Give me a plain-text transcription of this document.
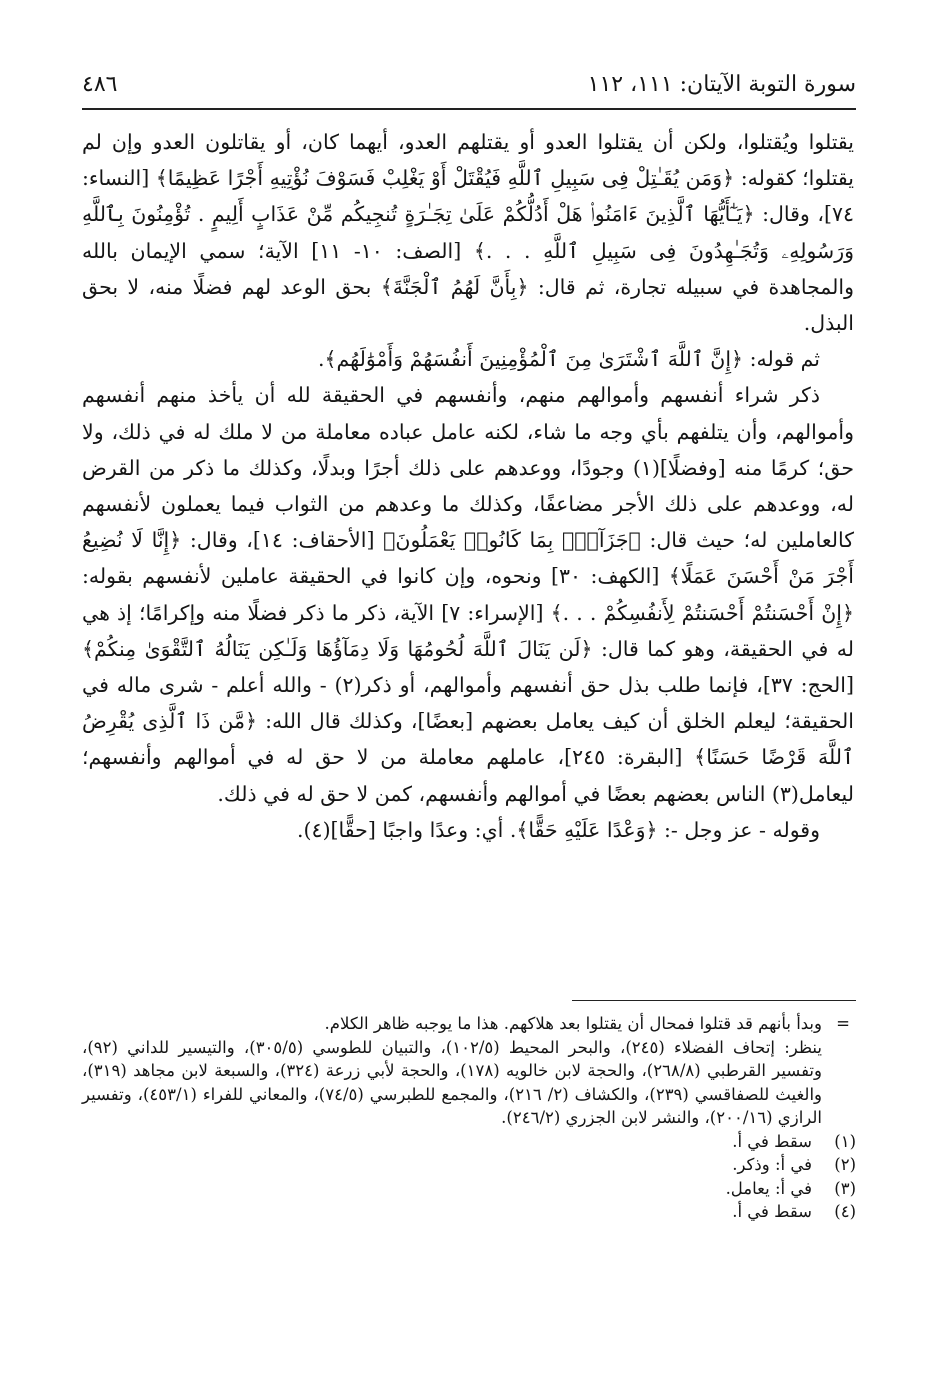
سورة التوبة الآيتان: ١١١، ١١٢
٤٨٦

يقتلوا ويُقتلوا، ولكن أن يقتلوا العدو أو يقتلهم العدو، أيهما كان، أو يقاتلون العدو وإن لم يقتلوا؛ كقوله: ﴿وَمَن يُقَـٰتِلْ فِى سَبِيلِ ٱللَّهِ فَيُقْتَلْ أَوْ يَغْلِبْ فَسَوْفَ نُؤْتِيهِ أَجْرًا عَظِيمًا﴾ [النساء: ٧٤]، وقال: ﴿يَـٰٓأَيُّهَا ٱلَّذِينَ ءَامَنُوا۟ هَلْ أَدُلُّكُمْ عَلَىٰ تِجَـٰرَةٍ تُنجِيكُم مِّنْ عَذَابٍ أَلِيمٍ . تُؤْمِنُونَ بِٱللَّهِ وَرَسُولِهِۦ وَتُجَـٰهِدُونَ فِى سَبِيلِ ٱللَّهِ . . .﴾ [الصف: ١٠- ١١] الآية؛ سمي الإيمان بالله والمجاهدة في سبيله تجارة، ثم قال: ﴿بِأَنَّ لَهُمُ ٱلْجَنَّةَ﴾ بحق الوعد لهم فضلًا منه، لا بحق البذل.

ثم قوله: ﴿إِنَّ ٱللَّهَ ٱشْتَرَىٰ مِنَ ٱلْمُؤْمِنِينَ أَنفُسَهُمْ وَأَمْوَٰلَهُم﴾.

ذكر شراء أنفسهم وأموالهم منهم، وأنفسهم في الحقيقة لله أن يأخذ منهم أنفسهم وأموالهم، وأن يتلفهم بأي وجه ما شاء، لكنه عامل عباده معاملة من لا ملك له في ذلك، ولا حق؛ كرمًا منه [وفضلًا](١) وجودًا، ووعدهم على ذلك أجرًا وبدلًا، وكذلك ما ذكر من القرض له، ووعدهم على ذلك الأجر مضاعفًا، وكذلك ما وعدهم من الثواب فيما يعملون لأنفسهم كالعاملين له؛ حيث قال: ﴿جَزَآءًۢ بِمَا كَانُوا۟ يَعْمَلُونَ﴾ [الأحقاف: ١٤]، وقال: ﴿إِنَّا لَا نُضِيعُ أَجْرَ مَنْ أَحْسَنَ عَمَلًا﴾ [الكهف: ٣٠] ونحوه، وإن كانوا في الحقيقة عاملين لأنفسهم بقوله: ﴿إِنْ أَحْسَنتُمْ أَحْسَنتُمْ لِأَنفُسِكُمْ . . .﴾ [الإسراء: ٧] الآية، ذكر ما ذكر فضلًا منه وإكرامًا؛ إذ هي له في الحقيقة، وهو كما قال: ﴿لَن يَنَالَ ٱللَّهَ لُحُومُهَا وَلَا دِمَآؤُهَا وَلَـٰكِن يَنَالُهُ ٱلتَّقْوَىٰ مِنكُمْ﴾ [الحج: ٣٧]، فإنما طلب بذل حق أنفسهم وأموالهم، أو ذكر(٢) - والله أعلم - شرى ماله في الحقيقة؛ ليعلم الخلق أن كيف يعامل بعضهم [بعضًا]، وكذلك قال الله: ﴿مَّن ذَا ٱلَّذِى يُقْرِضُ ٱللَّهَ قَرْضًا حَسَنًا﴾ [البقرة: ٢٤٥]، عاملهم معاملة من لا حق له في أموالهم وأنفسهم؛ ليعامل(٣) الناس بعضهم بعضًا في أموالهم وأنفسهم، كمن لا حق له في ذلك.

وقوله - عز وجل -: ﴿وَعْدًا عَلَيْهِ حَقًّا﴾. أي: وعدًا واجبًا [حقًّا](٤).

=
وبدأ بأنهم قد قتلوا فمحال أن يقتلوا بعد هلاكهم. هذا ما يوجبه ظاهر الكلام.

ينظر: إتحاف الفضلاء (٢٤٥)، والبحر المحيط (١٠٢/٥)، والتبيان للطوسي (٣٠٥/٥)، والتيسير للداني (٩٢)، وتفسير القرطبي (٢٦٨/٨)، والحجة لابن خالويه (١٧٨)، والحجة لأبي زرعة (٣٢٤)، والسبعة لابن مجاهد (٣١٩)، والغيث للصفاقسي (٢٣٩)، والكشاف (٢/ ٢١٦)، والمجمع للطبرسي (٧٤/٥)، والمعاني للفراء (٤٥٣/١)، وتفسير الرازي (٢٠٠/١٦)، والنشر لابن الجزري (٢٤٦/٢).

(١)
سقط في أ.
(٢)
في أ: وذكر.
(٣)
في أ: يعامل.
(٤)
سقط في أ.
